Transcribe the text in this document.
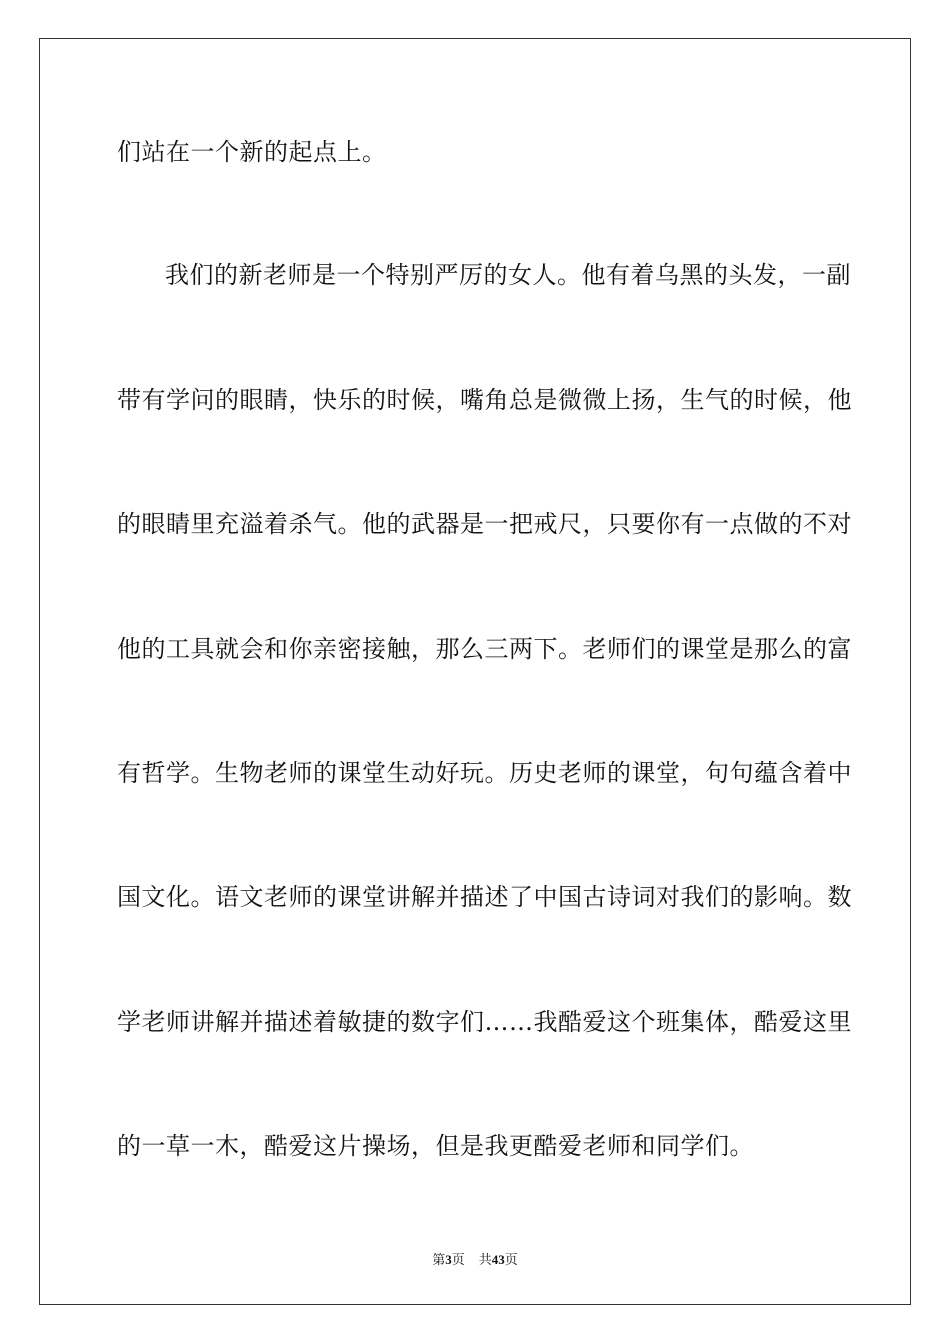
们站在一个新的起点上。
我们的新老师是一个特别严厉的女人。他有着乌黑的头发，一副
带有学问的眼睛，快乐的时候，嘴角总是微微上扬，生气的时候，他
的眼睛里充溢着杀气。他的武器是一把戒尺，只要你有一点做的不对
他的工具就会和你亲密接触，那么三两下。老师们的课堂是那么的富
有哲学。生物老师的课堂生动好玩。历史老师的课堂，句句蕴含着中
国文化。语文老师的课堂讲解并描述了中国古诗词对我们的影响。数
学老师讲解并描述着敏捷的数字们……我酷爱这个班集体，酷爱这里
的一草一木，酷爱这片操场，但是我更酷爱老师和同学们。
第3页 共43页
